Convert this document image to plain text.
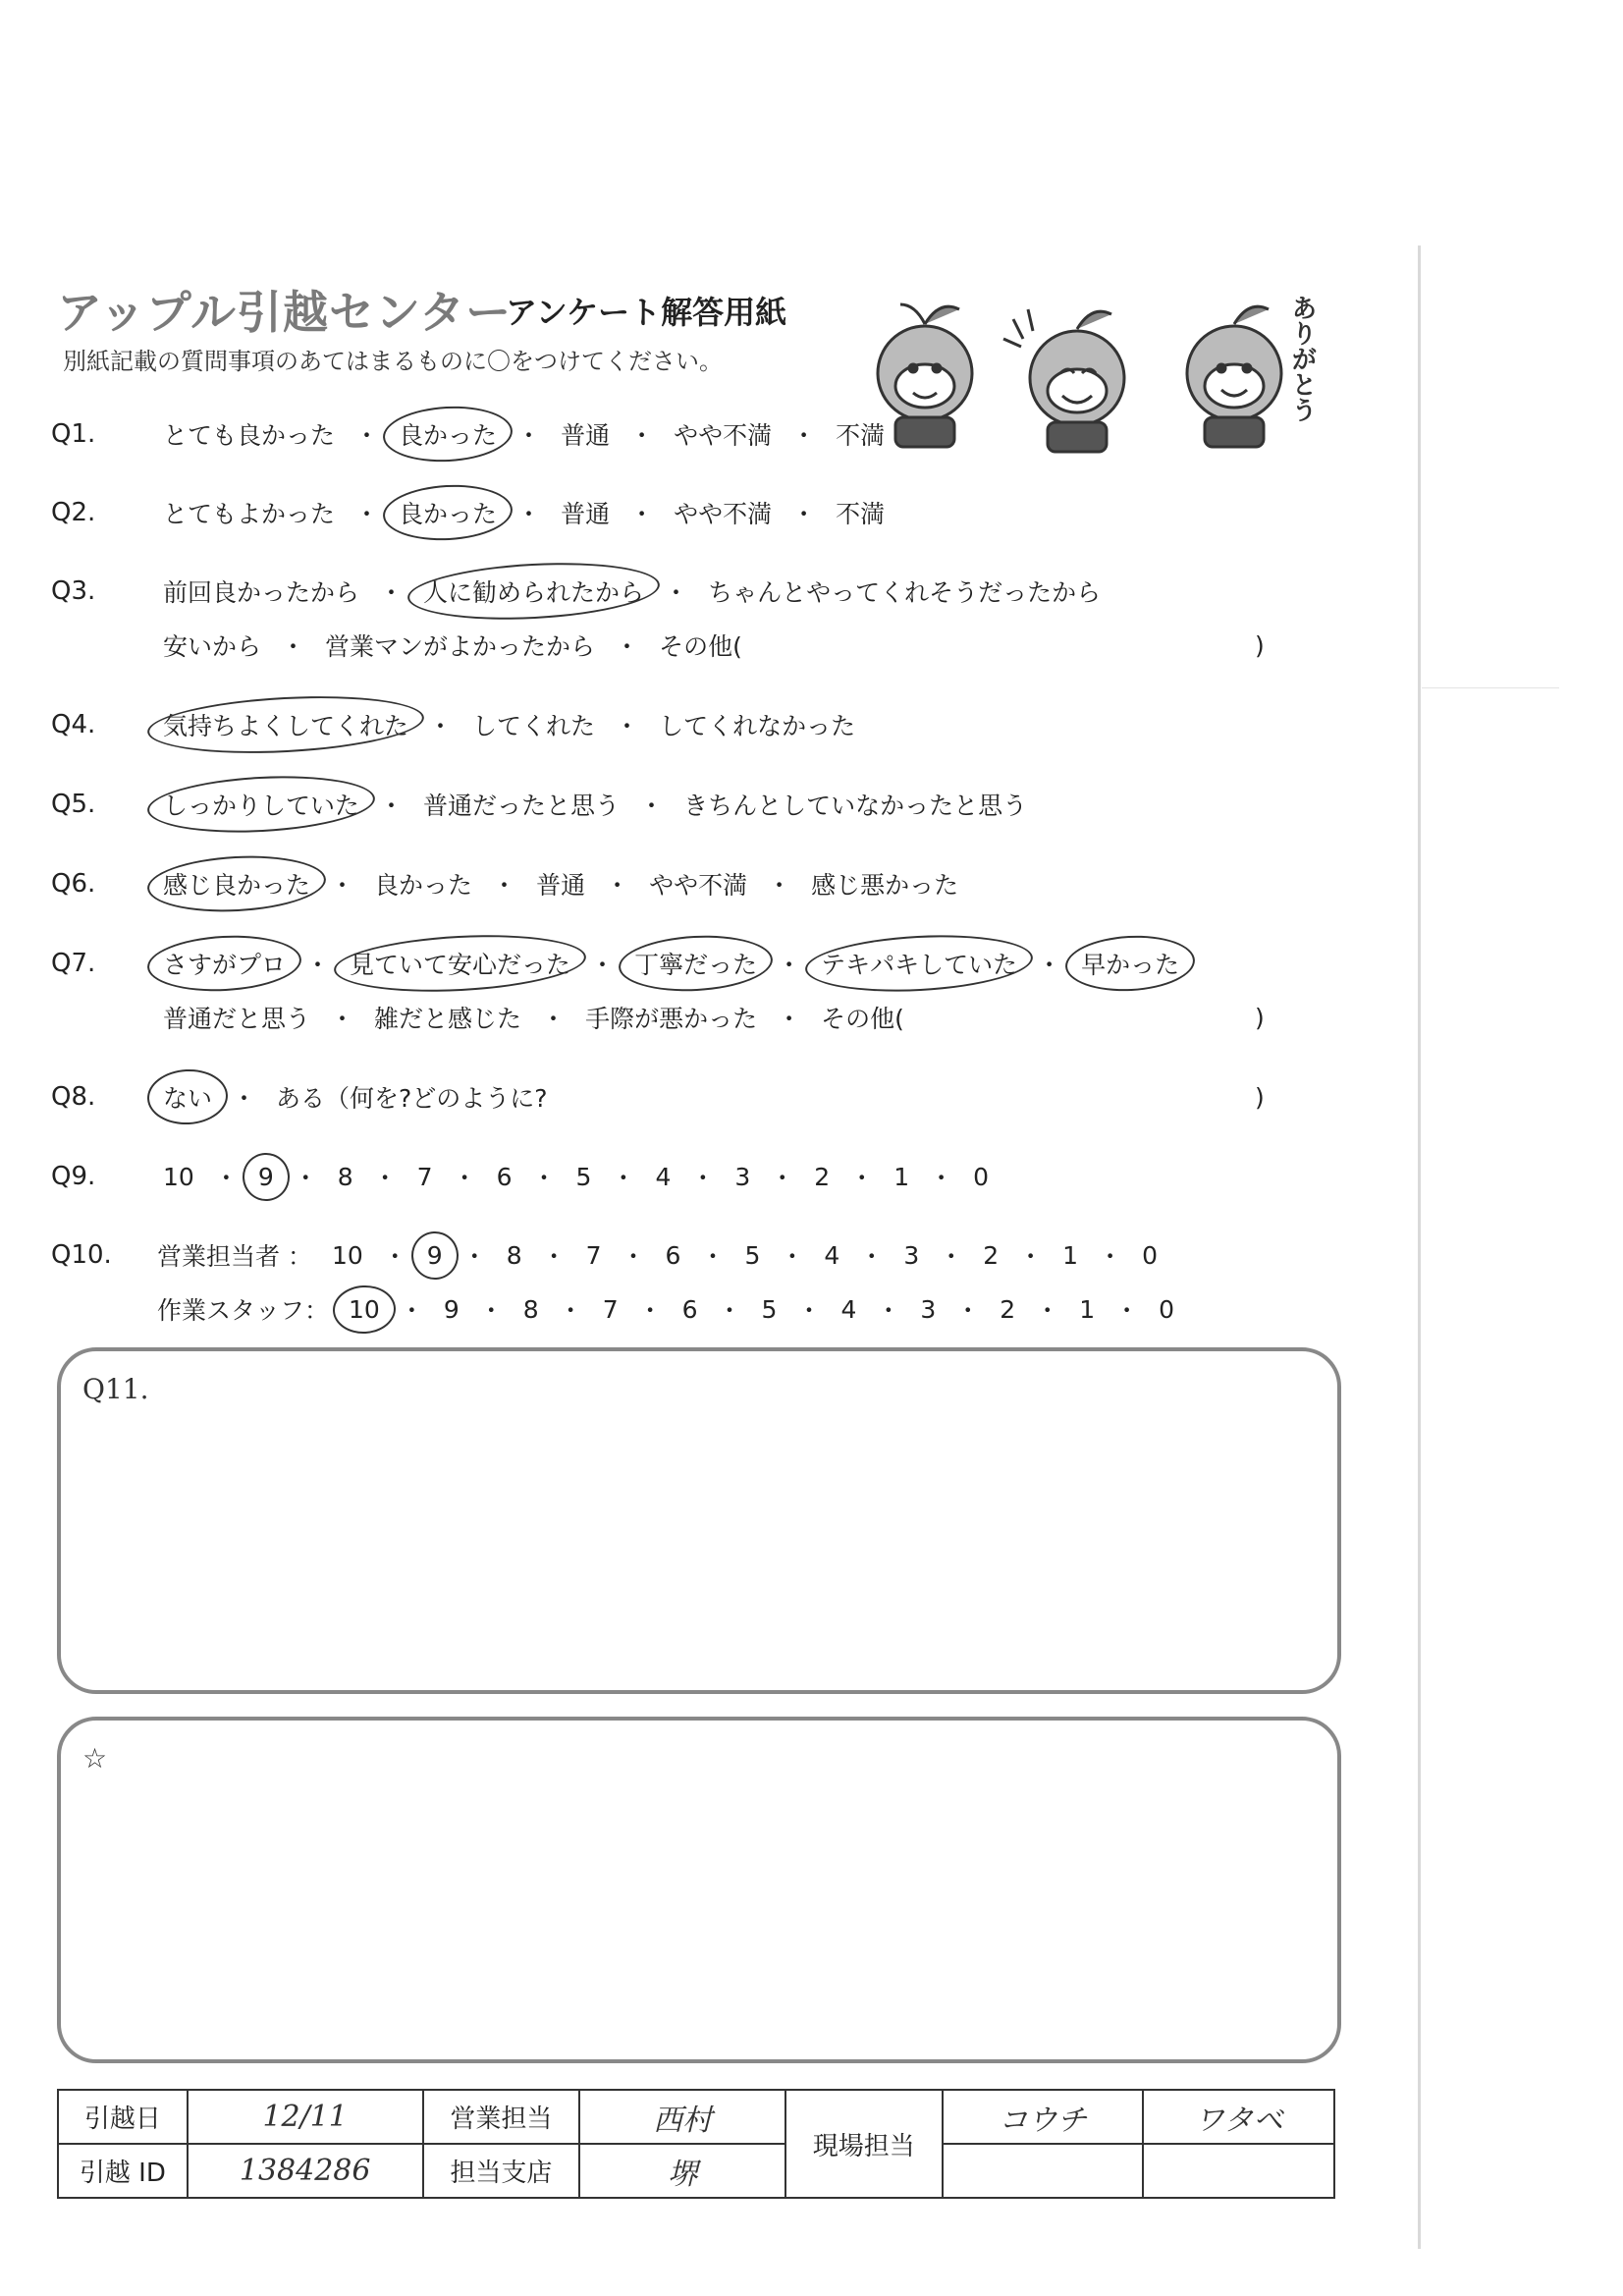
アップル引越センター
アンケート解答用紙
別紙記載の質問事項のあてはまるものに〇をつけてください。	ありがとう
Q1.	とても良かった ・ 良かった ・ 普通 ・ やや不満 ・ 不満
Q2.	とてもよかった ・ 良かった ・ 普通 ・ やや不満 ・ 不満
Q3.	前回良かったから ・ 人に勧められたから ・ ちゃんとやってくれそうだったから
安いから ・ 営業マンがよかったから ・ その他(	)
Q4.	気持ちよくしてくれた ・ してくれた ・ してくれなかった
Q5.	しっかりしていた ・ 普通だったと思う ・ きちんとしていなかったと思う
Q6.	感じ良かった ・ 良かった ・ 普通 ・ やや不満 ・ 感じ悪かった
Q7.	さすがプロ ・ 見ていて安心だった ・ 丁寧だった ・ テキパキしていた ・ 早かった
普通だと思う ・ 雑だと感じた ・ 手際が悪かった ・ その他(	)
Q8.	ない ・ ある（何を?どのように?	)
Q9.	10 ・ 9 ・ 8 ・ 7 ・ 6 ・ 5 ・ 4 ・ 3 ・ 2 ・ 1 ・ 0
Q10.	営業担当者 ： 10 ・ 9 ・ 8 ・ 7 ・ 6 ・ 5 ・ 4 ・ 3 ・ 2 ・ 1 ・ 0
作業スタッフ： 10 ・ 9 ・ 8 ・ 7 ・ 6 ・ 5 ・ 4 ・ 3 ・ 2 ・ 1 ・ 0
Q11.
☆
引越日	12/11	営業担当	西村	現場担当	コウチ	ワタベ
引越 ID	1384286	担当支店	堺			
